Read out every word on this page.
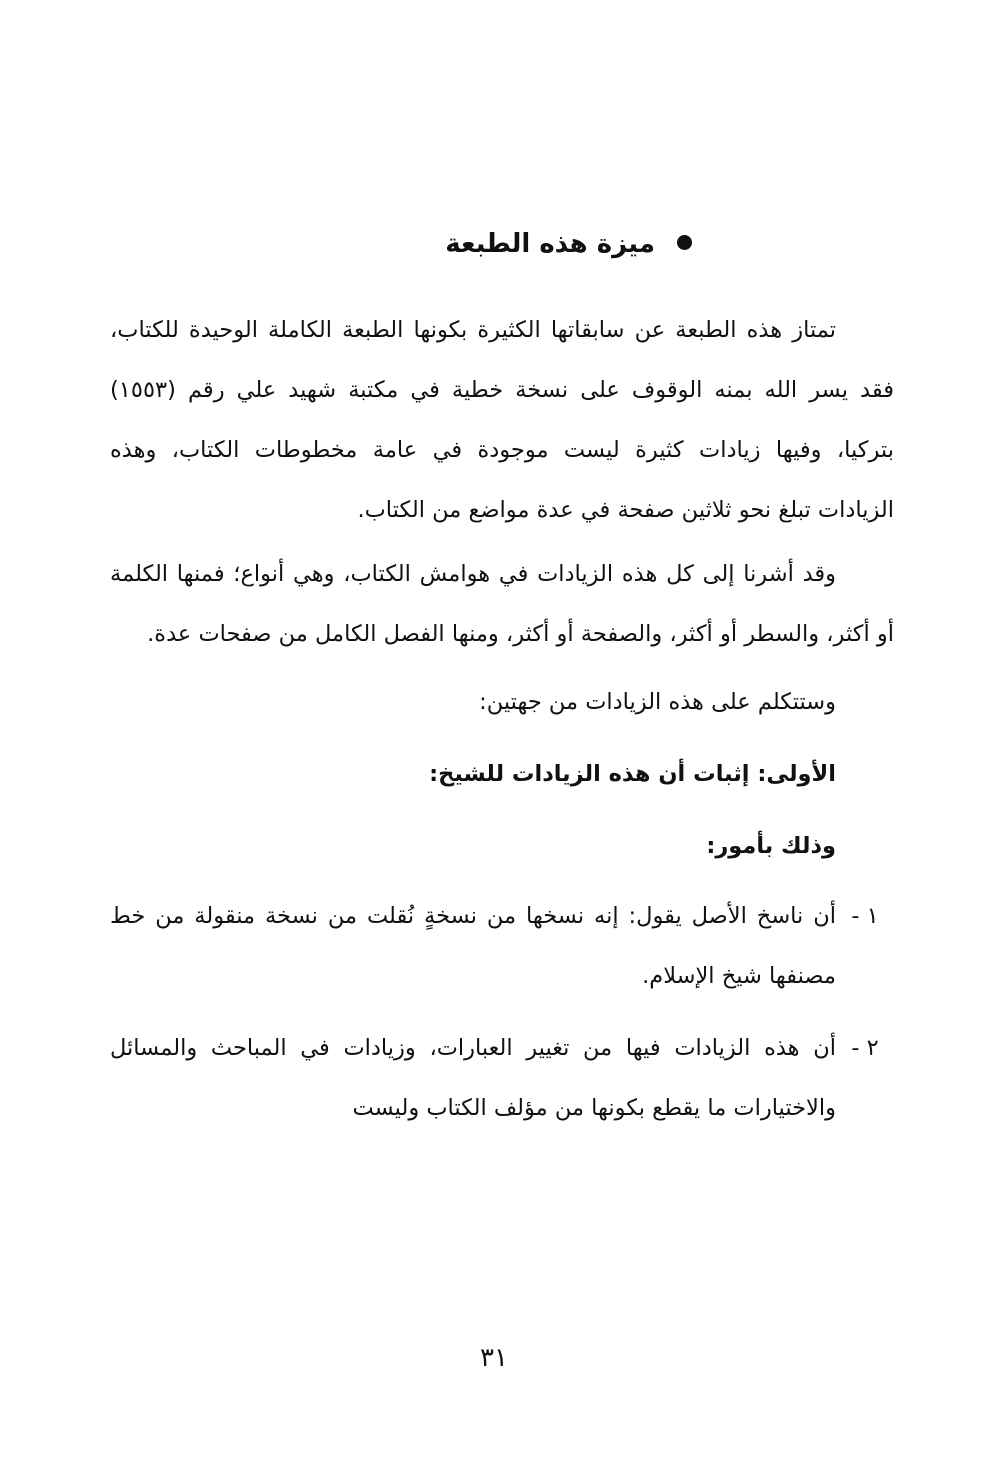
ميزة هذه الطبعة

تمتاز هذه الطبعة عن سابقاتها الكثيرة بكونها الطبعة الكاملة الوحيدة للكتاب، فقد يسر الله بمنه الوقوف على نسخة خطية في مكتبة شهيد علي رقم (١٥٥٣) بتركيا، وفيها زيادات كثيرة ليست موجودة في عامة مخطوطات الكتاب، وهذه الزيادات تبلغ نحو ثلاثين صفحة في عدة مواضع من الكتاب.

وقد أشرنا إلى كل هذه الزيادات في هوامش الكتاب، وهي أنواع؛ فمنها الكلمة أو أكثر، والسطر أو أكثر، والصفحة أو أكثر، ومنها الفصل الكامل من صفحات عدة.

وستتكلم على هذه الزيادات من جهتين:
الأولى: إثبات أن هذه الزيادات للشيخ:
وذلك بأمور:
١ -
أن ناسخ الأصل يقول: إنه نسخها من نسخةٍ نُقلت من نسخة منقولة من خط مصنفها شيخ الإسلام.
٢ -
أن هذه الزيادات فيها من تغيير العبارات، وزيادات في المباحث والمسائل والاختيارات ما يقطع بكونها من مؤلف الكتاب وليست
٣١
